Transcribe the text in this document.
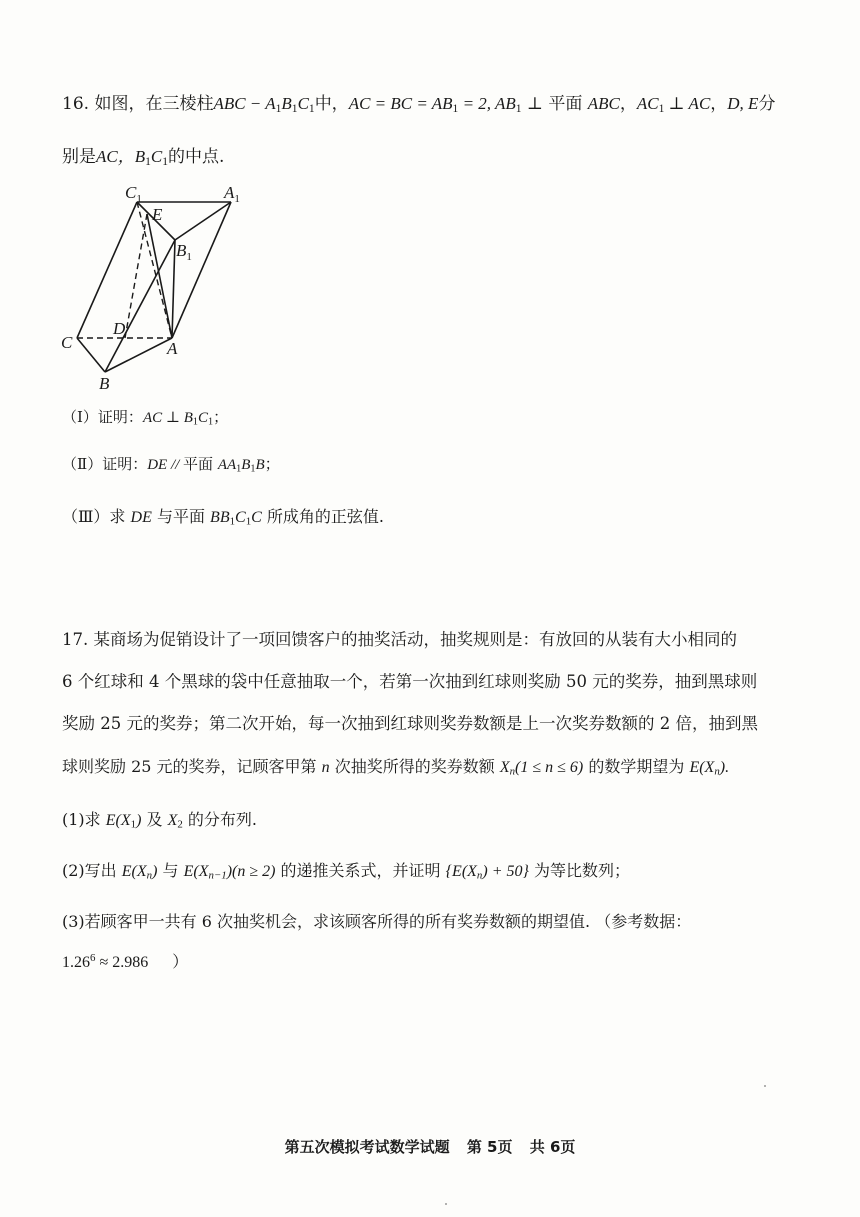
16. 如图，在三棱柱ABC − $A_1B_1C_1$中，AC = BC = $AB_1 = 2$, $AB_1$ ⊥ 平面 ABC，$AC_1$ ⊥ AC，D, E分
别是AC，$B_1C_1$的中点.
$C_1$	$A_1$
E
$B_1$
D
C	A
B
（Ⅰ）证明：AC ⊥ $B_1C_1$；
（Ⅱ）证明：DE // 平面 $AA_1B_1B$；
（Ⅲ）求 DE 与平面 $BB_1C_1C$ 所成角的正弦值.
17. 某商场为促销设计了一项回馈客户的抽奖活动，抽奖规则是：有放回的从装有大小相同的
6 个红球和 4 个黑球的袋中任意抽取一个，若第一次抽到红球则奖励 50 元的奖券，抽到黑球则
奖励 25 元的奖券；第二次开始，每一次抽到红球则奖券数额是上一次奖券数额的 2 倍，抽到黑
球则奖励 25 元的奖券，记顾客甲第 n 次抽奖所得的奖券数额 $X_n(1 \le n \le 6)$ 的数学期望为 $E(X_n)$.
(1)求 $E(X_1)$ 及 $X_2$ 的分布列.
(2)写出 $E(X_n)$ 与 $E(X_{n-1})(n \ge 2)$ 的递推关系式，并证明 $\{E(X_n) + 50\}$ 为等比数列；
(3)若顾客甲一共有 6 次抽奖机会，求该顾客所得的所有奖券数额的期望值. （参考数据：
$1.26^6 \approx 2.986$ ）
第五次模拟考试数学试题 第 5页 共 6页
